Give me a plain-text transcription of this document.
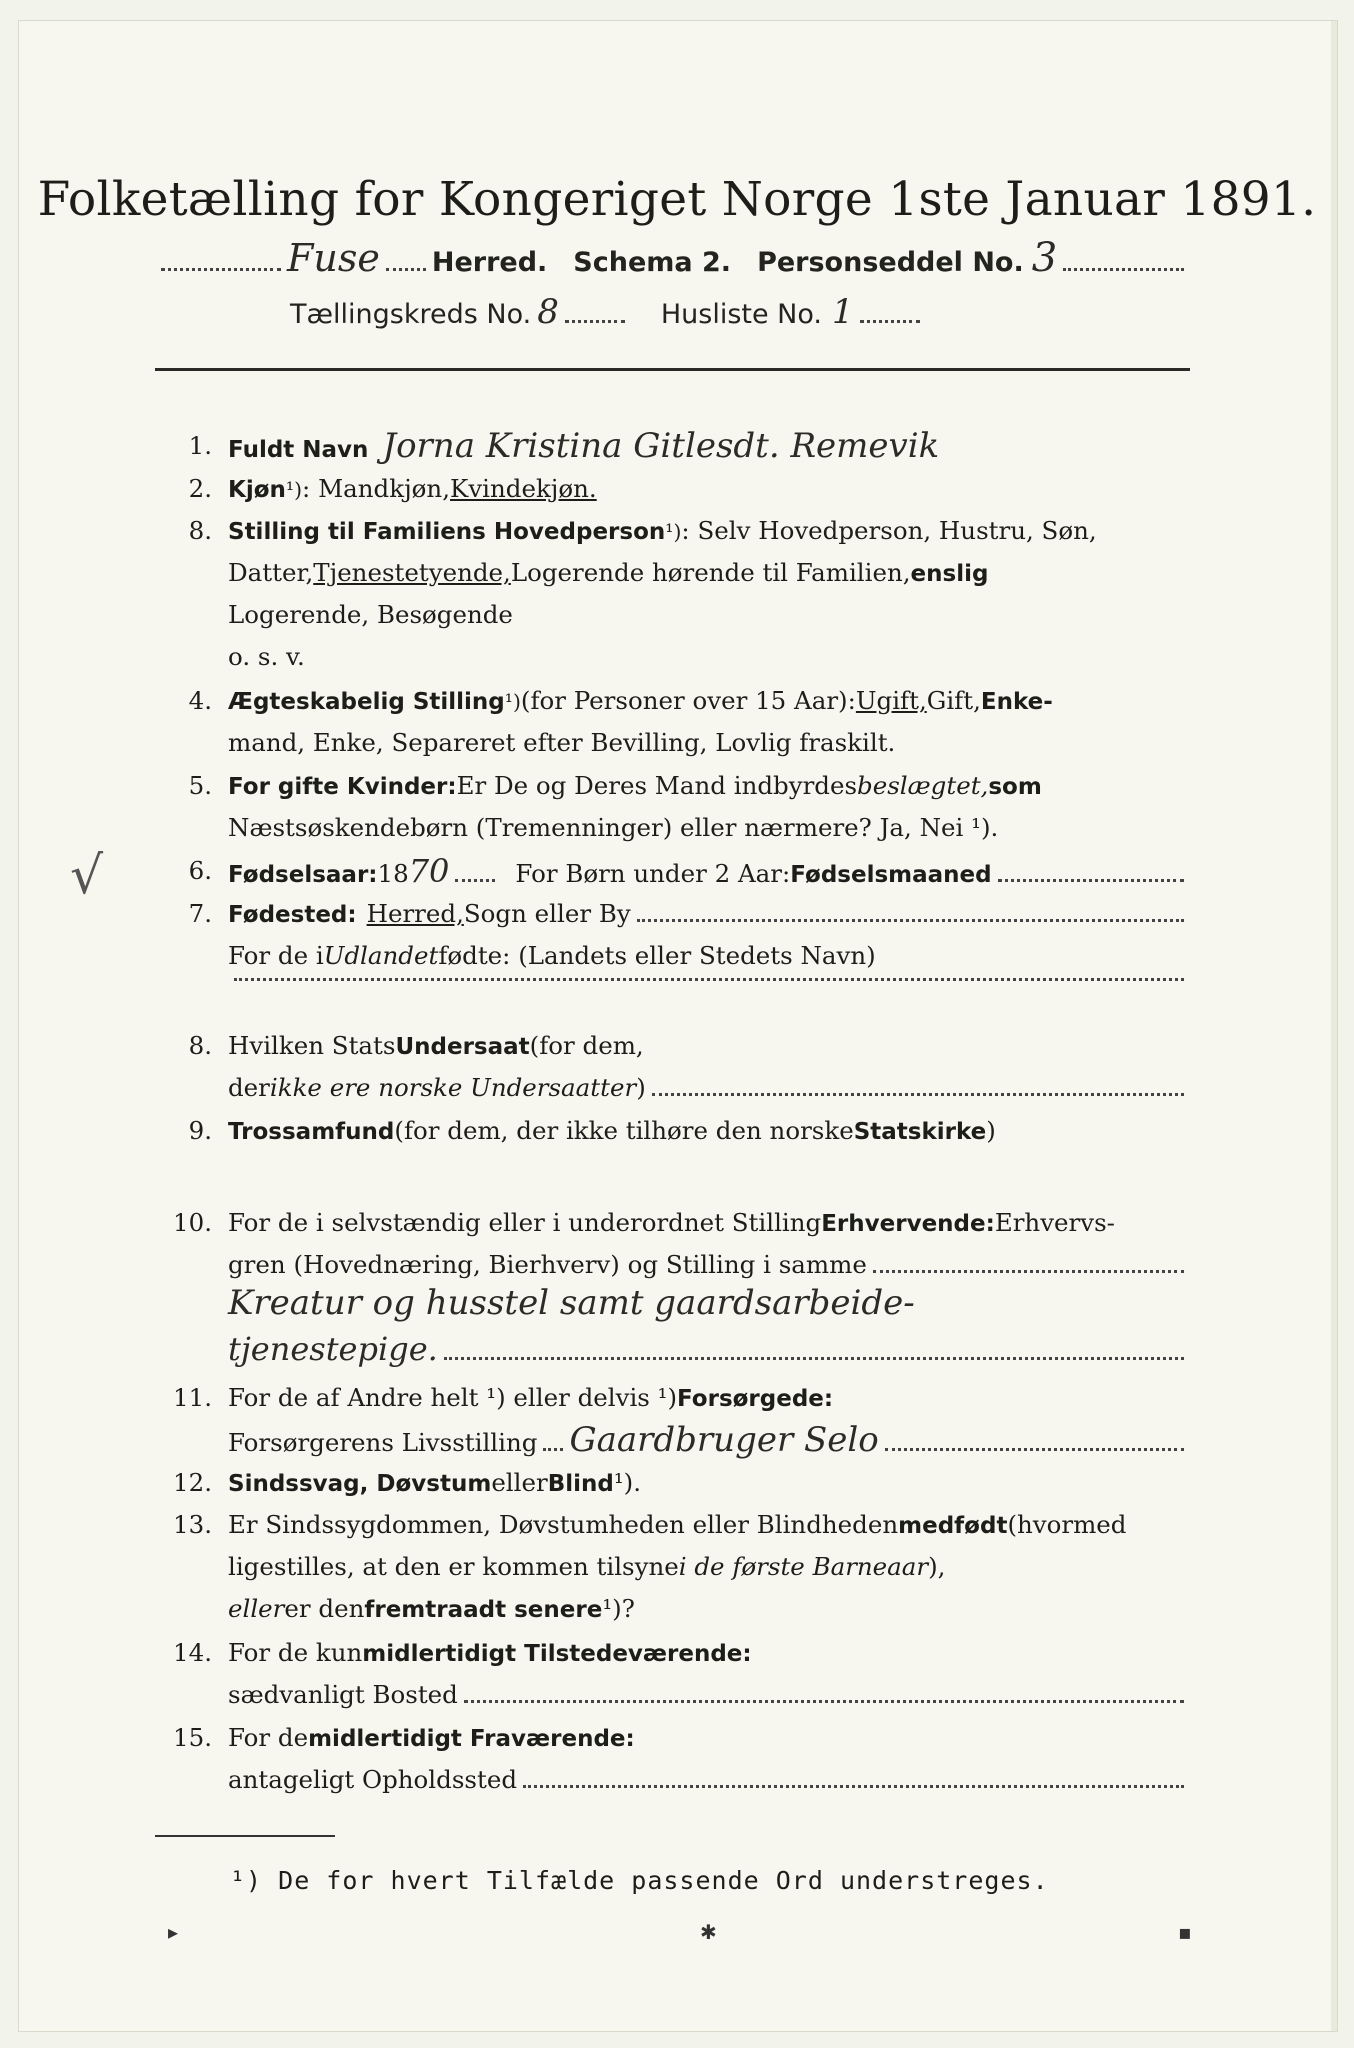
Folketælling for Kongeriget Norge 1ste Januar 1891.
Fuse Herred. Schema 2. Personseddel No. 3
Tællingskreds No. 8	Husliste No. 1
1. Fuldt Navn Jorna Kristina Gitlesdt. Remevik
2. Kjøn ¹) : Mandkjøn, Kvindekjøn.
8. Stilling til Familiens Hovedperson ¹) : Selv Hovedperson, Hustru, Søn,
Datter, Tjenestetyende, Logerende hørende til Familien, enslig
Logerende, Besøgende
o. s. v.
4. Ægteskabelig Stilling ¹) (for Personer over 15 Aar): Ugift, Gift, Enke-
mand, Enke, Separeret efter Bevilling, Lovlig fraskilt.
5. For gifte Kvinder: Er De og Deres Mand indbyrdes beslægtet, som
Næstsøskendebørn (Tremenninger) eller nærmere? Ja, Nei ¹).
6. Fødselsaar: 18 70	For Børn under 2 Aar: Fødselsmaaned
7. Fødested: Herred, Sogn eller By
For de i Udlandet fødte: (Landets eller Stedets Navn)
8. Hvilken Stats Undersaat (for dem,
der ikke ere norske Undersaatter )
9. Trossamfund (for dem, der ikke tilhøre den norske Statskirke )
10. For de i selvstændig eller i underordnet Stilling Erhvervende: Erhvervs-
gren (Hovednæring, Bierhverv) og Stilling i samme
Kreatur og husstel samt gaardsarbeide-
tjenestepige.
11. For de af Andre helt ¹) eller delvis ¹) Forsørgede:
Forsørgerens Livsstilling Gaardbruger Selo
12. Sindssvag, Døvstum eller Blind ¹).
13. Er Sindssygdommen, Døvstumheden eller Blindheden medfødt (hvormed
ligestilles, at den er kommen tilsyne i de første Barneaar ),
eller er den fremtraadt senere ¹)?
14. For de kun midlertidigt Tilstedeværende:
sædvanligt Bosted
15. For de midlertidigt Fraværende:
antageligt Opholdssted
¹) De for hvert Tilfælde passende Ord understreges.
√
▸	✱	▪
